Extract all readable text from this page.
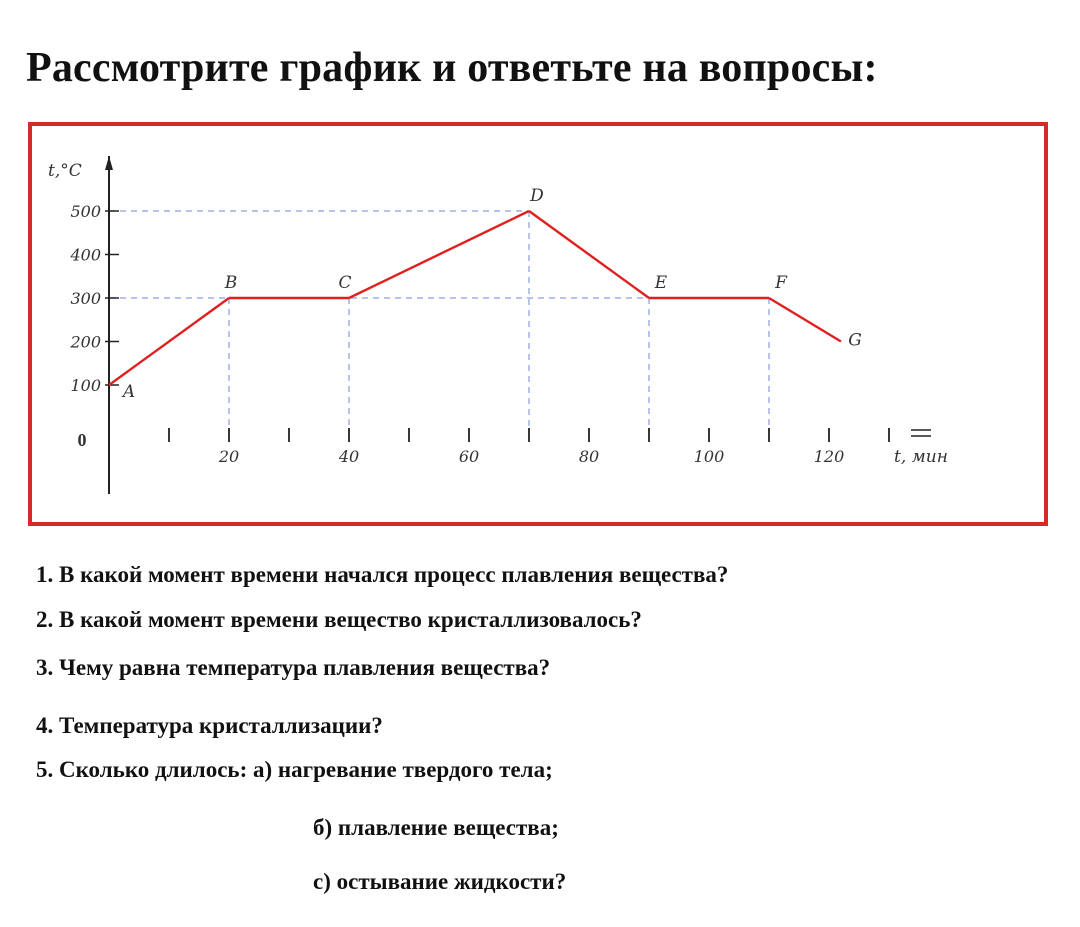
Рассмотрите график и ответьте на вопросы:
t,°C
100
200
300
400
500
0
20	40	60	80	100	120	t, мин
A
B	C
D
E	F
G
1. В какой момент времени начался процесс плавления вещества?
2. В какой момент времени вещество кристаллизовалось?
3. Чему равна температура плавления вещества?
4. Температура кристаллизации?
5. Сколько длилось: а) нагревание твердого тела;
б) плавление вещества;
с) остывание жидкости?
